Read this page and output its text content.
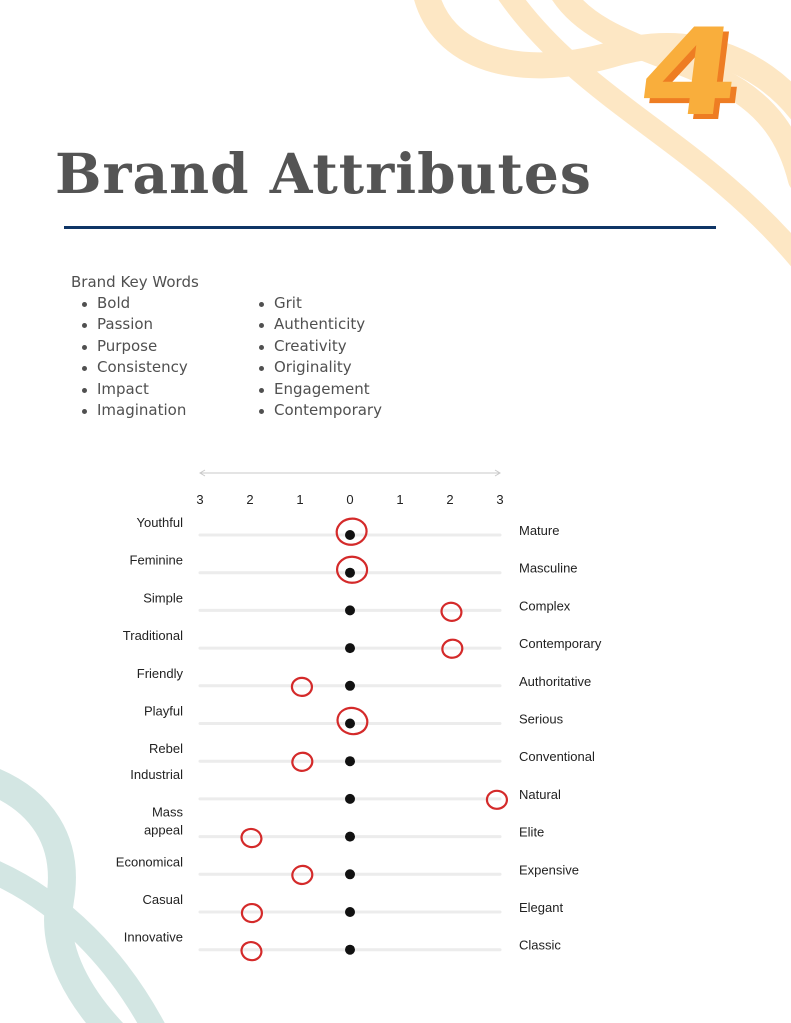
4
Brand Attributes
Brand Key Words
Bold
Passion
Purpose
Consistency
Impact
Imagination
Grit
Authenticity
Creativity
Originality
Engagement
Contemporary
3	2	1	0	1	2	3
Youthful
Mature
Feminine
Masculine
Simple
Complex
Traditional
Contemporary
Friendly
Authoritative
Playful
Serious
Rebel
Conventional
Industrial
Natural
Mass
appeal	Elite
Economical
Expensive
Casual
Elegant
Innovative
Classic
